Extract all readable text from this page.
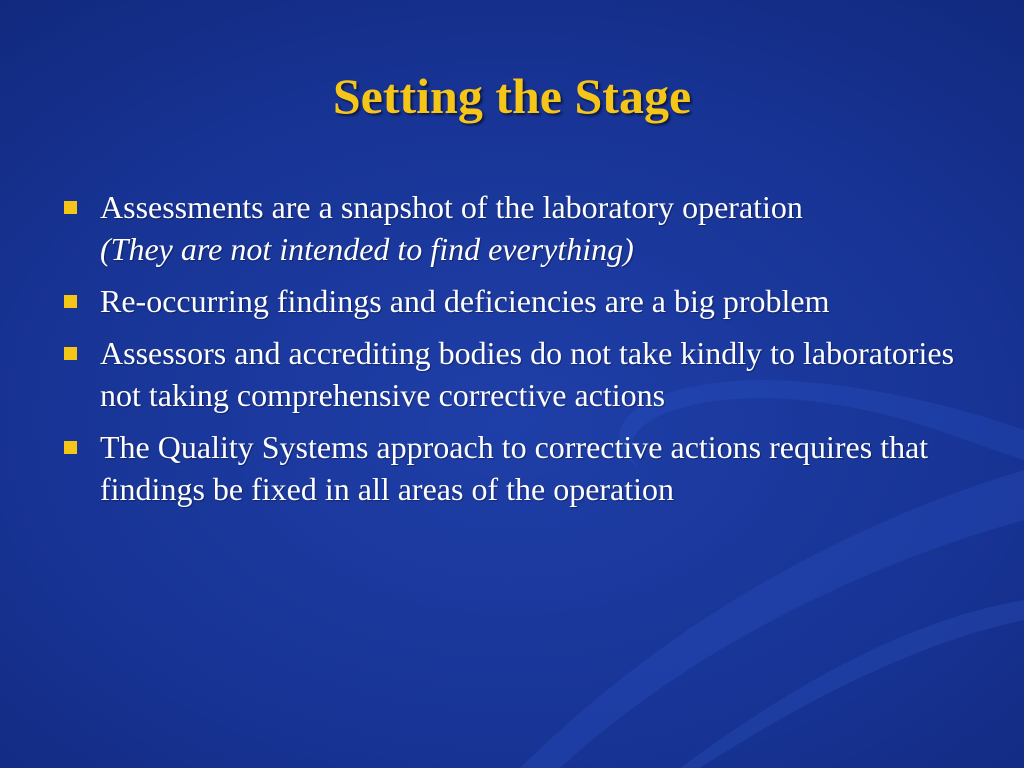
Setting the Stage
Assessments are a snapshot of the laboratory operation
(They are not intended to find everything)
Re-occurring findings and deficiencies are a big problem
Assessors and accrediting bodies do not take kindly to laboratories not taking comprehensive corrective actions
The Quality Systems approach to corrective actions requires that findings be fixed in all areas of the operation
